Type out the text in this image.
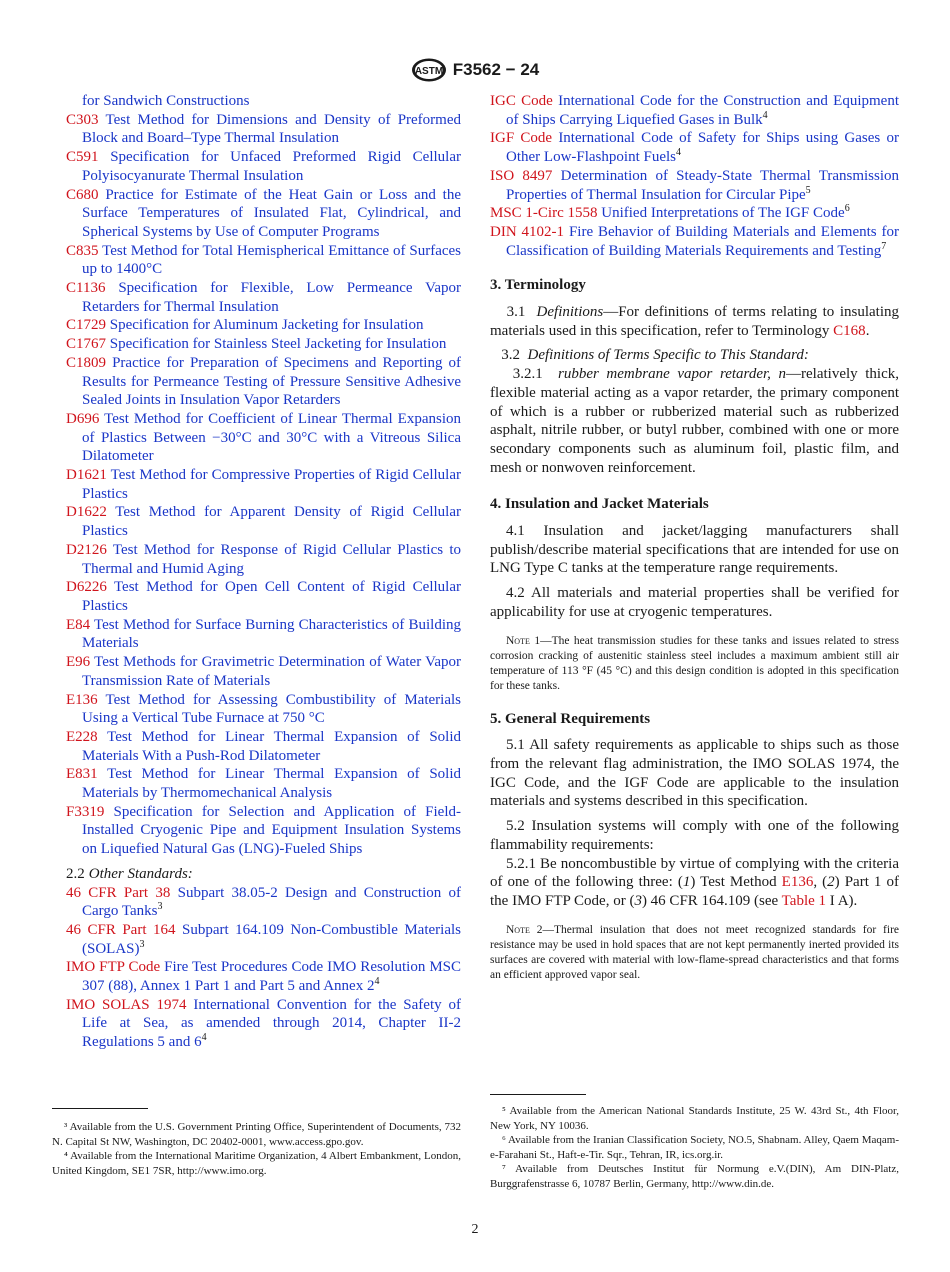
ASTM F3562 − 24
for Sandwich Constructions
C303 Test Method for Dimensions and Density of Preformed Block and Board–Type Thermal Insulation
C591 Specification for Unfaced Preformed Rigid Cellular Polyisocyanurate Thermal Insulation
C680 Practice for Estimate of the Heat Gain or Loss and the Surface Temperatures of Insulated Flat, Cylindrical, and Spherical Systems by Use of Computer Programs
C835 Test Method for Total Hemispherical Emittance of Surfaces up to 1400°C
C1136 Specification for Flexible, Low Permeance Vapor Retarders for Thermal Insulation
C1729 Specification for Aluminum Jacketing for Insulation
C1767 Specification for Stainless Steel Jacketing for Insulation
C1809 Practice for Preparation of Specimens and Reporting of Results for Permeance Testing of Pressure Sensitive Adhesive Sealed Joints in Insulation Vapor Retarders
D696 Test Method for Coefficient of Linear Thermal Expansion of Plastics Between −30°C and 30°C with a Vitreous Silica Dilatometer
D1621 Test Method for Compressive Properties of Rigid Cellular Plastics
D1622 Test Method for Apparent Density of Rigid Cellular Plastics
D2126 Test Method for Response of Rigid Cellular Plastics to Thermal and Humid Aging
D6226 Test Method for Open Cell Content of Rigid Cellular Plastics
E84 Test Method for Surface Burning Characteristics of Building Materials
E96 Test Methods for Gravimetric Determination of Water Vapor Transmission Rate of Materials
E136 Test Method for Assessing Combustibility of Materials Using a Vertical Tube Furnace at 750 °C
E228 Test Method for Linear Thermal Expansion of Solid Materials With a Push-Rod Dilatometer
E831 Test Method for Linear Thermal Expansion of Solid Materials by Thermomechanical Analysis
F3319 Specification for Selection and Application of Field-Installed Cryogenic Pipe and Equipment Insulation Systems on Liquefied Natural Gas (LNG)-Fueled Ships
2.2 Other Standards:
46 CFR Part 38 Subpart 38.05-2 Design and Construction of Cargo Tanks$^3$
46 CFR Part 164 Subpart 164.109 Non-Combustible Materials (SOLAS)$^3$
IMO FTP Code Fire Test Procedures Code IMO Resolution MSC 307 (88), Annex 1 Part 1 and Part 5 and Annex $2^4$
IMO SOLAS 1974 International Convention for the Safety of Life at Sea, as amended through 2014, Chapter II-2 Regulations 5 and $6^4$

³ Available from the U.S. Government Printing Office, Superintendent of Documents, 732 N. Capital St NW, Washington, DC 20402-0001, www.access.gpo.gov.

⁴ Available from the International Maritime Organization, 4 Albert Embankment, London, United Kingdom, SE1 7SR, http://www.imo.org.

IGC Code International Code for the Construction and Equipment of Ships Carrying Liquefied Gases in Bulk$^4$
IGF Code International Code of Safety for Ships using Gases or Other Low-Flashpoint Fuels$^4$
ISO 8497 Determination of Steady-State Thermal Transmission Properties of Thermal Insulation for Circular Pipe$^5$
MSC 1-Circ 1558 Unified Interpretations of The IGF Code$^6$
DIN 4102-1 Fire Behavior of Building Materials and Elements for Classification of Building Materials Requirements and Testing$^7$
3. Terminology

3.1 Definitions—For definitions of terms relating to insulating materials used in this specification, refer to Terminology C168.

3.2 Definitions of Terms Specific to This Standard:

3.2.1 rubber membrane vapor retarder, n—relatively thick, flexible material acting as a vapor retarder, the primary component of which is a rubber or rubberized material such as rubberized asphalt, nitrile rubber, or butyl rubber, combined with one or more secondary components such as aluminum foil, plastic film, and mesh or nonwoven reinforcement.

4. Insulation and Jacket Materials

4.1 Insulation and jacket/lagging manufacturers shall publish/describe material specifications that are intended for use on LNG Type C tanks at the temperature range requirements.

4.2 All materials and material properties shall be verified for applicability for use at cryogenic temperatures.

Note 1—The heat transmission studies for these tanks and issues related to stress corrosion cracking of austenitic stainless steel includes a maximum ambient still air temperature of 113 °F (45 °C) and this design condition is adopted in this specification for these tanks.
5. General Requirements

5.1 All safety requirements as applicable to ships such as those from the relevant flag administration, the IMO SOLAS 1974, the IGC Code, and the IGF Code are applicable to the insulation materials and systems described in this specification.

5.2 Insulation systems will comply with one of the following flammability requirements:

5.2.1 Be noncombustible by virtue of complying with the criteria of one of the following three: (1) Test Method E136, (2) Part 1 of the IMO FTP Code, or (3) 46 CFR 164.109 (see Table 1 I A).

Note 2—Thermal insulation that does not meet recognized standards for fire resistance may be used in hold spaces that are not kept permanently inerted provided its surfaces are covered with material with low-flame-spread characteristics and that forms an efficient approved vapor seal.

⁵ Available from the American National Standards Institute, 25 W. 43rd St., 4th Floor, New York, NY 10036.

⁶ Available from the Iranian Classification Society, NO.5, Shabnam. Alley, Qaem Maqam-e-Farahani St., Haft-e-Tir. Sqr., Tehran, IR, ics.org.ir.

⁷ Available from Deutsches Institut für Normung e.V.(DIN), Am DIN-Platz, Burggrafenstrasse 6, 10787 Berlin, Germany, http://www.din.de.

2
